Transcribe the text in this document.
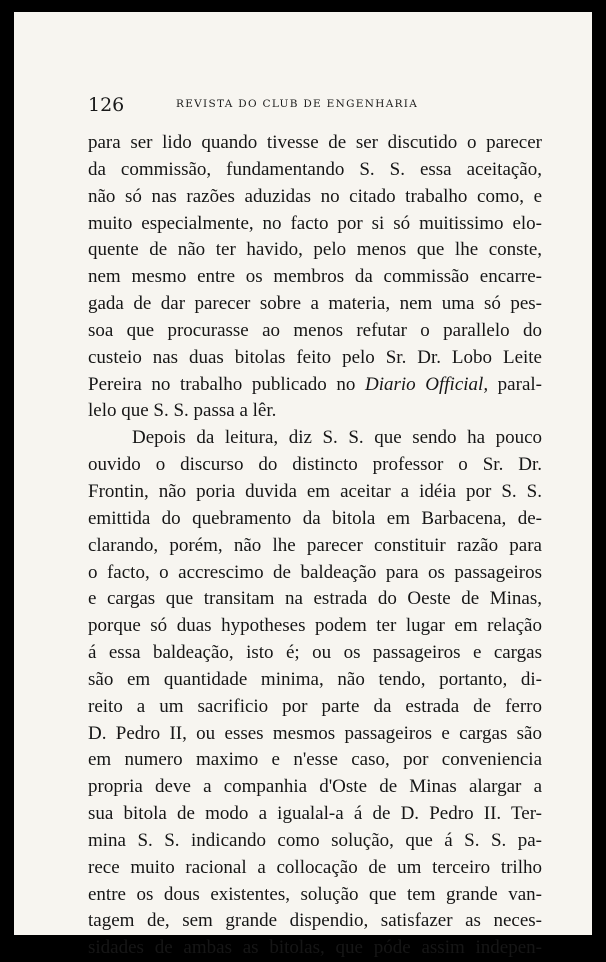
126	REVISTA DO CLUB DE ENGENHARIA
para ser lido quando tivesse de ser discutido o parecer
da commissão, fundamentando S. S. essa aceitação,
não só nas razões aduzidas no citado trabalho como, e
muito especialmente, no facto por si só muitissimo elo-
quente de não ter havido, pelo menos que lhe conste,
nem mesmo entre os membros da commissão encarre-
gada de dar parecer sobre a materia, nem uma só pes-
soa que procurasse ao menos refutar o parallelo do
custeio nas duas bitolas feito pelo Sr. Dr. Lobo Leite
Pereira no trabalho publicado no Diario Official, paral-
lelo que S. S. passa a lêr.
Depois da leitura, diz S. S. que sendo ha pouco
ouvido o discurso do distincto professor o Sr. Dr.
Frontin, não poria duvida em aceitar a idéia por S. S.
emittida do quebramento da bitola em Barbacena, de-
clarando, porém, não lhe parecer constituir razão para
o facto, o accrescimo de baldeação para os passageiros
e cargas que transitam na estrada do Oeste de Minas,
porque só duas hypotheses podem ter lugar em relação
á essa baldeação, isto é; ou os passageiros e cargas
são em quantidade minima, não tendo, portanto, di-
reito a um sacrificio por parte da estrada de ferro
D. Pedro II, ou esses mesmos passageiros e cargas são
em numero maximo e n'esse caso, por conveniencia
propria deve a companhia d'Oste de Minas alargar a
sua bitola de modo a igualal-a á de D. Pedro II. Ter-
mina S. S. indicando como solução, que á S. S. pa-
rece muito racional a collocação de um terceiro trilho
entre os dous existentes, solução que tem grande van-
tagem de, sem grande dispendio, satisfazer as neces-
sidades de ambas as bitolas, que póde assim indepen-
